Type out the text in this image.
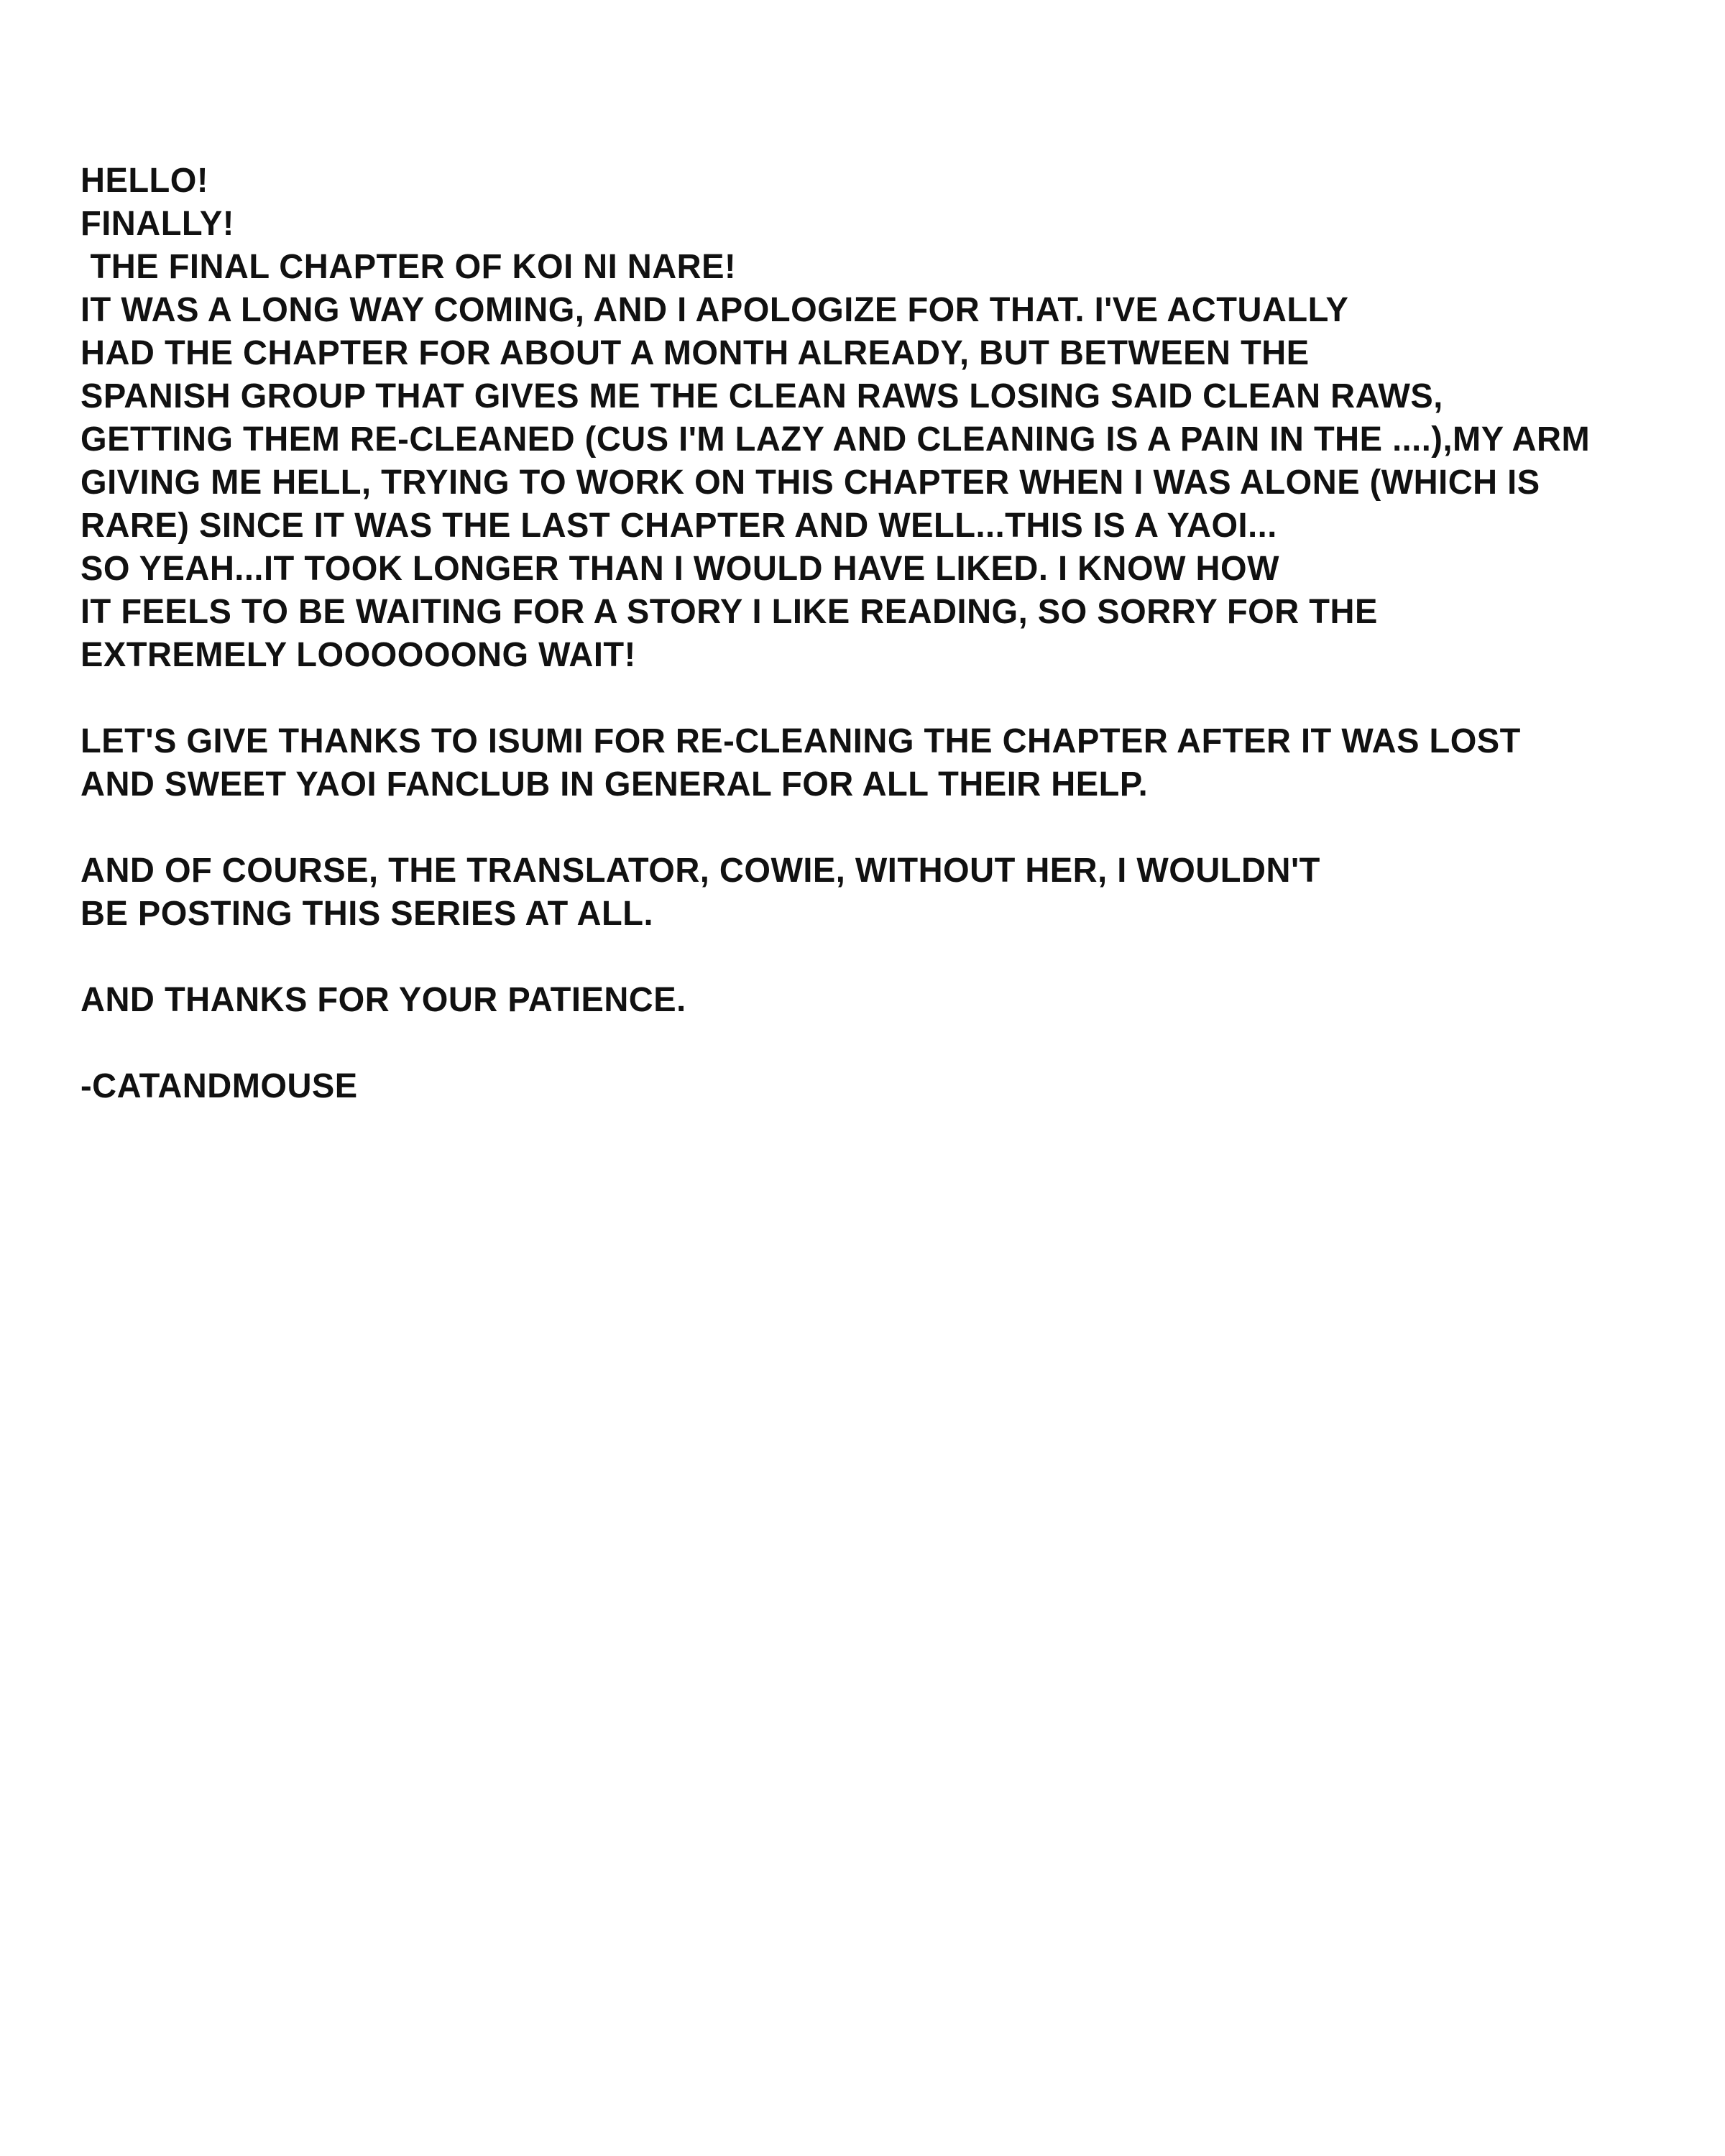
HELLO!
FINALLY!
THE FINAL CHAPTER OF KOI NI NARE!
IT WAS A LONG WAY COMING, AND I APOLOGIZE FOR THAT. I'VE ACTUALLY
HAD THE CHAPTER FOR ABOUT A MONTH ALREADY, BUT BETWEEN THE
SPANISH GROUP THAT GIVES ME THE CLEAN RAWS LOSING SAID CLEAN RAWS,
GETTING THEM RE-CLEANED (CUS I'M LAZY AND CLEANING IS A PAIN IN THE ....),MY ARM
GIVING ME HELL, TRYING TO WORK ON THIS CHAPTER WHEN I WAS ALONE (WHICH IS
RARE) SINCE IT WAS THE LAST CHAPTER AND WELL...THIS IS A YAOI...
SO YEAH...IT TOOK LONGER THAN I WOULD HAVE LIKED. I KNOW HOW
IT FEELS TO BE WAITING FOR A STORY I LIKE READING, SO SORRY FOR THE
EXTREMELY LOOOOOONG WAIT!
LET'S GIVE THANKS TO ISUMI FOR RE-CLEANING THE CHAPTER AFTER IT WAS LOST
AND SWEET YAOI FANCLUB IN GENERAL FOR ALL THEIR HELP.
AND OF COURSE, THE TRANSLATOR, COWIE, WITHOUT HER, I WOULDN'T
BE POSTING THIS SERIES AT ALL.
AND THANKS FOR YOUR PATIENCE.
-CATANDMOUSE
